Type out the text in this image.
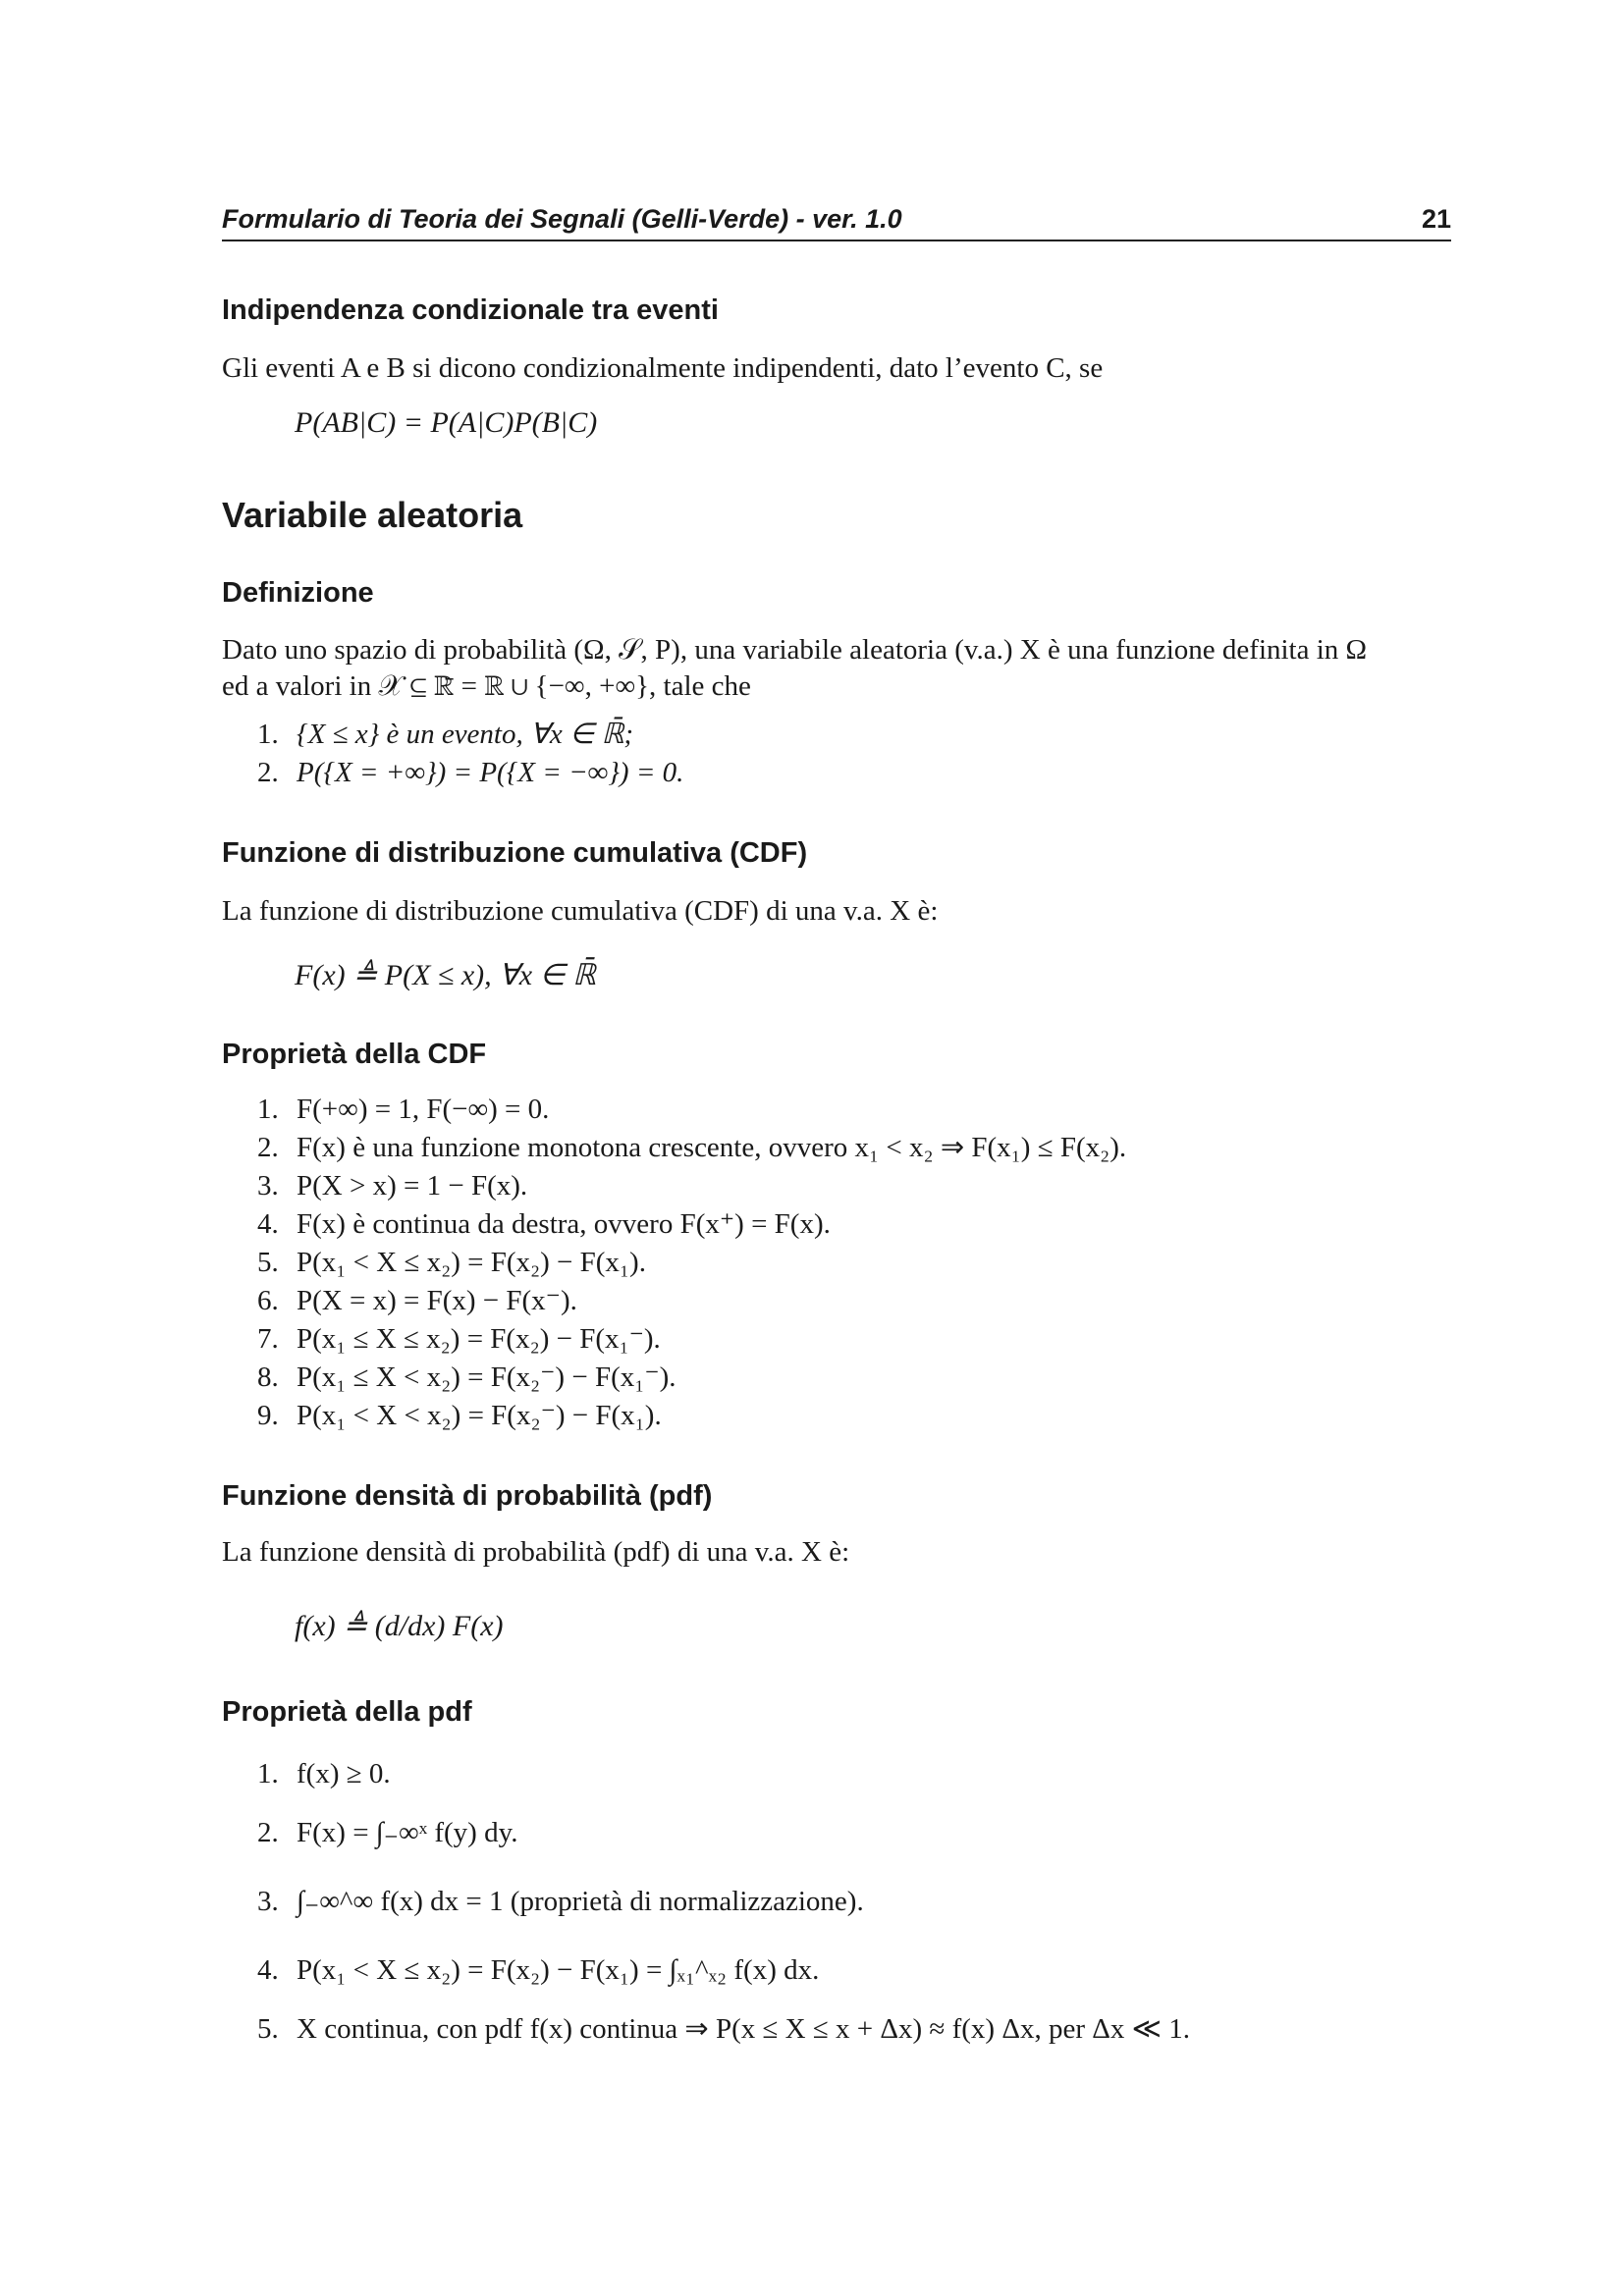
Formulario di Teoria dei Segnali (Gelli-Verde) - ver. 1.0	21
Indipendenza condizionale tra eventi
Gli eventi A e B si dicono condizionalmente indipendenti, dato l’evento C, se
P(AB|C) = P(A|C)P(B|C)
Variabile aleatoria
Definizione
Dato uno spazio di probabilità (Ω, 𝒮, P), una variabile aleatoria (v.a.) X è una funzione definita in Ω
ed a valori in 𝒳 ⊆ ℝ̄ = ℝ ∪ {−∞, +∞}, tale che
1. {X ≤ x} è un evento, ∀x ∈ ℝ̄;
2. P({X = +∞}) = P({X = −∞}) = 0.
Funzione di distribuzione cumulativa (CDF)
La funzione di distribuzione cumulativa (CDF) di una v.a. X è:
F(x) ≜ P(X ≤ x), ∀x ∈ ℝ̄
Proprietà della CDF
1. F(+∞) = 1, F(−∞) = 0.
2. F(x) è una funzione monotona crescente, ovvero x₁ < x₂ ⇒ F(x₁) ≤ F(x₂).
3. P(X > x) = 1 − F(x).
4. F(x) è continua da destra, ovvero F(x⁺) = F(x).
5. P(x₁ < X ≤ x₂) = F(x₂) − F(x₁).
6. P(X = x) = F(x) − F(x⁻).
7. P(x₁ ≤ X ≤ x₂) = F(x₂) − F(x₁⁻).
8. P(x₁ ≤ X < x₂) = F(x₂⁻) − F(x₁⁻).
9. P(x₁ < X < x₂) = F(x₂⁻) − F(x₁).
Funzione densità di probabilità (pdf)
La funzione densità di probabilità (pdf) di una v.a. X è:
f(x) ≜ (d/dx) F(x)
Proprietà della pdf
1. f(x) ≥ 0.
2. F(x) = ∫₋∞ˣ f(y) dy.
3. ∫₋∞^∞ f(x) dx = 1 (proprietà di normalizzazione).
4. P(x₁ < X ≤ x₂) = F(x₂) − F(x₁) = ∫ₓ₁^ₓ₂ f(x) dx.
5. X continua, con pdf f(x) continua ⇒ P(x ≤ X ≤ x + Δx) ≈ f(x) Δx, per Δx ≪ 1.
